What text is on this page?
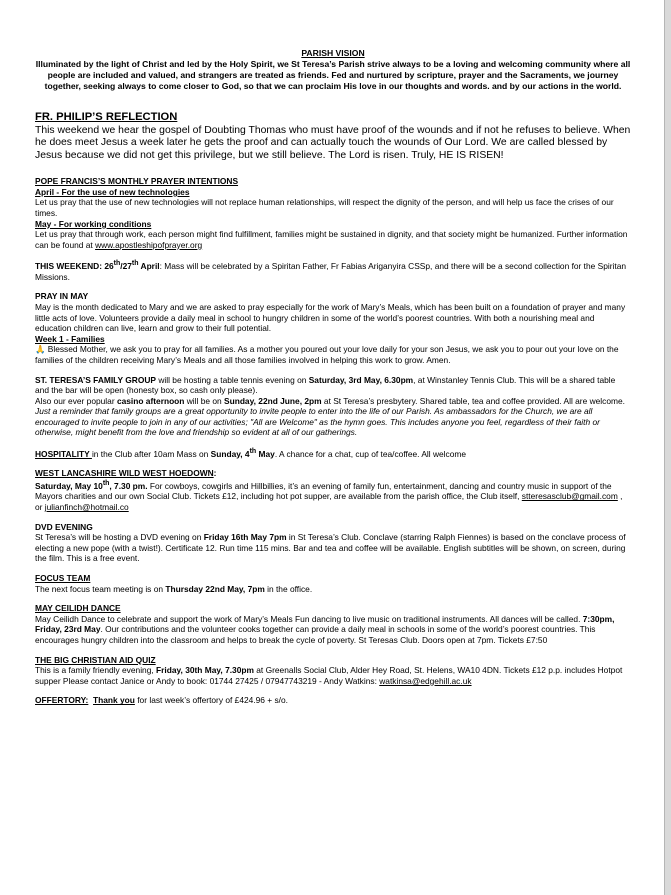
PARISH VISION
Illuminated by the light of Christ and led by the Holy Spirit, we St Teresa’s Parish strive always to be a loving and welcoming community where all people are included and valued, and strangers are treated as friends. Fed and nurtured by scripture, prayer and the Sacraments, we journey together, seeking always to come closer to God, so that we can proclaim His love in our thoughts and words. and by our actions in the world.
FR. PHILIP’S REFLECTION
This weekend we hear the gospel of Doubting Thomas who must have proof of the wounds and if not he refuses to believe. When he does meet Jesus a week later he gets the proof and can actually touch the wounds of Our Lord. We are called blessed by Jesus because we did not get this privilege, but we still believe. The Lord is risen. Truly, HE IS RISEN!
POPE FRANCIS’S MONTHLY PRAYER INTENTIONS
April - For the use of new technologies
Let us pray that the use of new technologies will not replace human relationships, will respect the dignity of the person, and will help us face the crises of our times.
May - For working conditions
Let us pray that through work, each person might find fulfillment, families might be sustained in dignity, and that society might be humanized. Further information can be found at www.apostleshipofprayer.org
THIS WEEKEND: 26th/27th April: Mass will be celebrated by a Spiritan Father, Fr Fabias Ariganyira CSSp, and there will be a second collection for the Spiritan Missions.
PRAY IN MAY
May is the month dedicated to Mary and we are asked to pray especially for the work of Mary’s Meals, which has been built on a foundation of prayer and many little acts of love. Volunteers provide a daily meal in school to hungry children in some of the world’s poorest countries. With both a nourishing meal and education children can live, learn and grow to their full potential.
Week 1 - Families
🙏 Blessed Mother, we ask you to pray for all families. As a mother you poured out your love daily for your son Jesus, we ask you to pour out your love on the families of the children receiving Mary’s Meals and all those families involved in helping this work to grow. Amen.
ST. TERESA’S FAMILY GROUP will be hosting a table tennis evening on Saturday, 3rd May, 6.30pm, at Winstanley Tennis Club. This will be a shared table and the bar will be open (honesty box, so cash only please).
Also our ever popular casino afternoon will be on Sunday, 22nd June, 2pm at St Teresa’s presbytery. Shared table, tea and coffee provided. All are welcome.
Just a reminder that family groups are a great opportunity to invite people to enter into the life of our Parish. As ambassadors for the Church, we are all encouraged to invite people to join in any of our activities; "All are Welcome" as the hymn goes. This includes anyone you feel, regardless of their faith or otherwise, might benefit from the love and friendship so evident at all of our gatherings.
HOSPITALITY in the Club after 10am Mass on Sunday, 4th May. A chance for a chat, cup of tea/coffee. All welcome
WEST LANCASHIRE WILD WEST HOEDOWN:
Saturday, May 10th, 7.30 pm. For cowboys, cowgirls and Hillbillies, it’s an evening of family fun, entertainment, dancing and country music in support of the Mayors charities and our own Social Club. Tickets £12, including hot pot supper, are available from the parish office, the Club itself, stteresasclub@gmail.com , or julianfinch@hotmail.co
DVD EVENING
St Teresa’s will be hosting a DVD evening on Friday 16th May 7pm in St Teresa’s Club. Conclave (starring Ralph Fiennes) is based on the conclave process of electing a new pope (with a twist!). Certificate 12. Run time 115 mins. Bar and tea and coffee will be available. English subtitles will be shown, on screen, during the film. This is a free event.
FOCUS TEAM
The next focus team meeting is on Thursday 22nd May, 7pm in the office.
MAY CEILIDH DANCE
May Ceilidh Dance to celebrate and support the work of Mary’s Meals Fun dancing to live music on traditional instruments. All dances will be called. 7:30pm, Friday, 23rd May. Our contributions and the volunteer cooks together can provide a daily meal in schools in some of the world’s poorest countries. This encourages hungry children into the classroom and helps to break the cycle of poverty. St Teresas Club. Doors open at 7pm. Tickets £7:50
THE BIG CHRISTIAN AID QUIZ
This is a family friendly evening, Friday, 30th May, 7.30pm at Greenalls Social Club, Alder Hey Road, St. Helens, WA10 4DN. Tickets £12 p.p. includes Hotpot supper Please contact Janice or Andy to book: 01744 27425 / 07947743219 - Andy Watkins: watkinsa@edgehill.ac.uk
OFFERTORY: Thank you for last week’s offertory of £424.96 + s/o.
